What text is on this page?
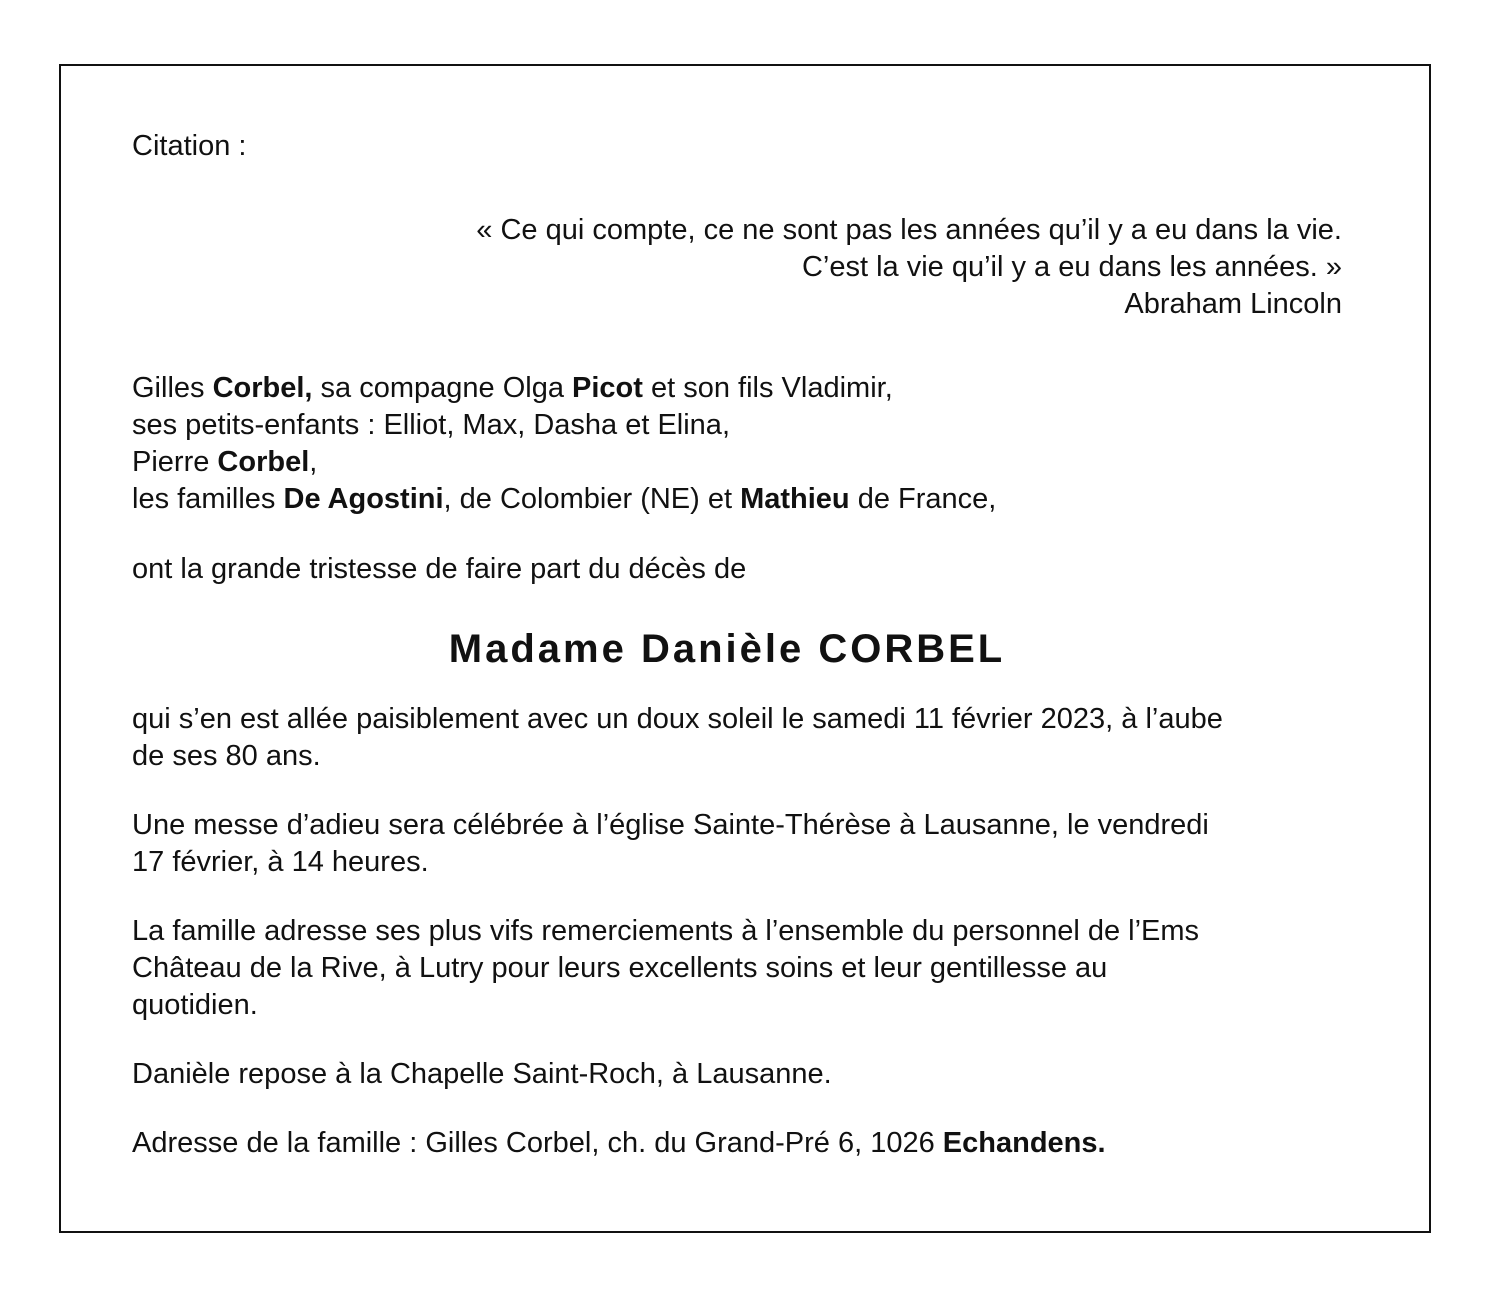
Citation :

« Ce qui compte, ce ne sont pas les années qu’il y a eu dans la vie.
C’est la vie qu’il y a eu dans les années. »
Abraham Lincoln
Gilles Corbel, sa compagne Olga Picot et son fils Vladimir,
ses petits-enfants : Elliot, Max, Dasha et Elina,
Pierre Corbel,
les familles De Agostini, de Colombier (NE) et Mathieu de France,

ont la grande tristesse de faire part du décès de

Madame Danièle CORBEL
qui s’en est allée paisiblement avec un doux soleil le samedi 11 février 2023, à l’aube
de ses 80 ans.
Une messe d’adieu sera célébrée à l’église Sainte-Thérèse à Lausanne, le vendredi
17 février, à 14 heures.
La famille adresse ses plus vifs remerciements à l’ensemble du personnel de l’Ems
Château de la Rive, à Lutry pour leurs excellents soins et leur gentillesse au
quotidien.

Danièle repose à la Chapelle Saint-Roch, à Lausanne.

Adresse de la famille : Gilles Corbel, ch. du Grand-Pré 6, 1026 Echandens.
